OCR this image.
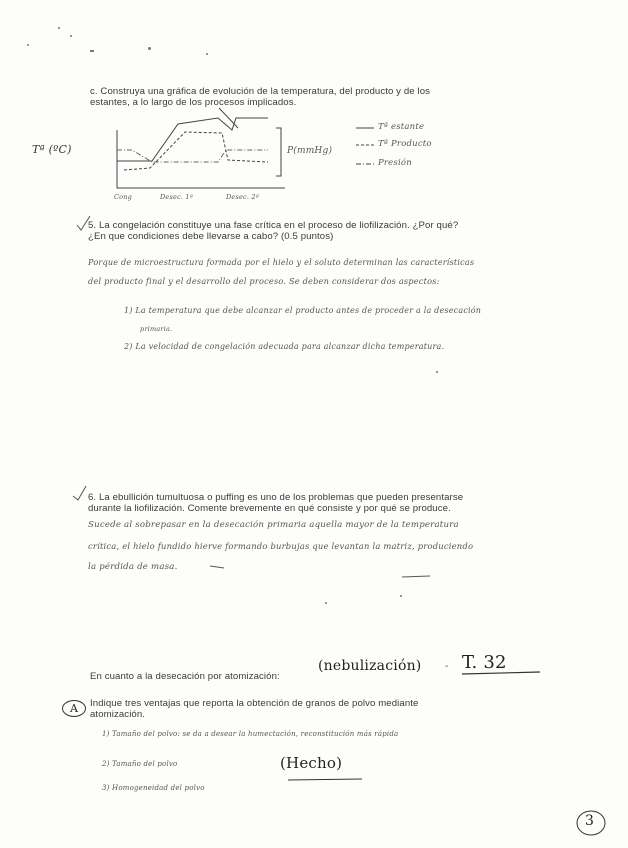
c. Construya una gráfica de evolución de la temperatura, del producto y de los
estantes, a lo largo de los procesos implicados.
Tª (ºC)	P(mmHg)
Tª estante
Tª Producto
Presión
Cong	Desec. 1ª	Desec. 2ª
5. La congelación constituye una fase crítica en el proceso de liofilización. ¿Por qué?
¿En que condiciones debe llevarse a cabo? (0.5 puntos)
Porque de microestructura formada por el hielo y el soluto determinan las características
del producto final y el desarrollo del proceso. Se deben considerar dos aspectos:
1) La temperatura que debe alcanzar el producto antes de proceder a la desecación
primaria.
2) La velocidad de congelación adecuada para alcanzar dicha temperatura.
6. La ebullición tumultuosa o puffing es uno de los problemas que pueden presentarse
durante la liofilización. Comente brevemente en qué consiste y por qué se produce.
Sucede al sobrepasar en la desecación primaria aquella mayor de la temperatura
crítica, el hielo fundido hierve formando burbujas que levantan la matriz, produciendo
la pérdida de masa.
En cuanto a la desecación por atomización:
(nebulización) T. 32
-
A	Indique tres ventajas que reporta la obtención de granos de polvo mediante
atomización.
1) Tamaño del polvo: se da a desear la humectación, reconstitución más rápida
2) Tamaño del polvo	(Hecho)
3) Homogeneidad del polvo
3
